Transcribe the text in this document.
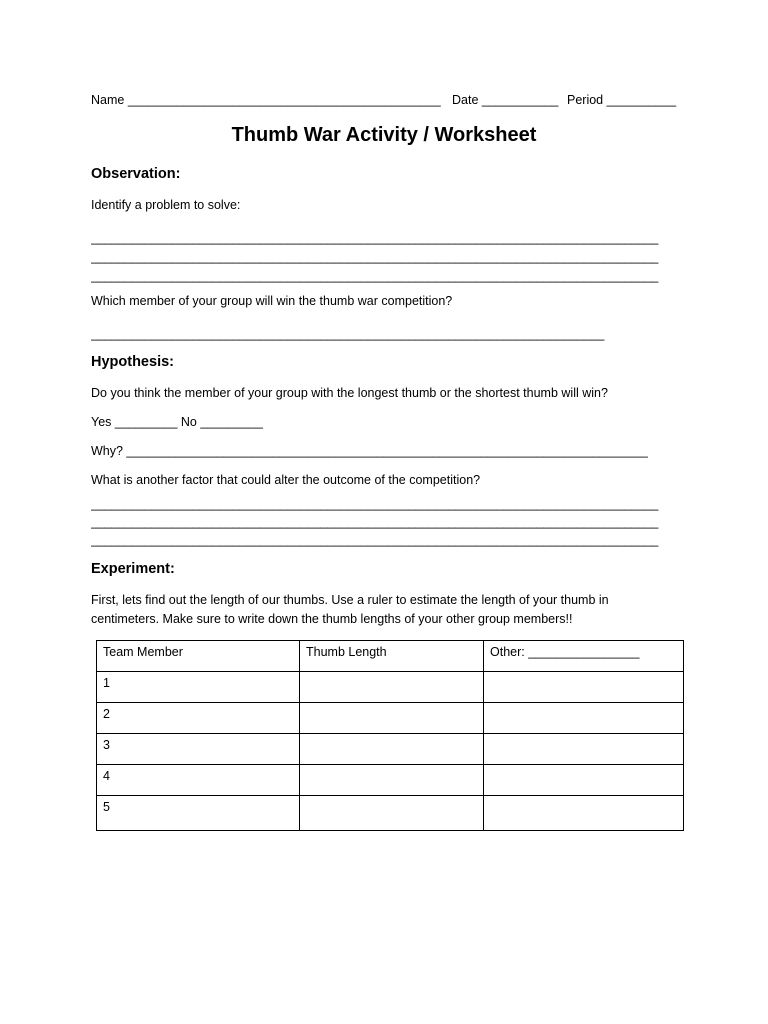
Name _____________________________________________ Date ___________ Period __________
Thumb War Activity / Worksheet
Observation:
Identify a problem to solve:
____________________________________________________________________________________
____________________________________________________________________________________
____________________________________________________________________________________
Which member of your group will win the thumb war competition?
____________________________________________________________________________
Hypothesis:
Do you think the member of your group with the longest thumb or the shortest thumb will win?
Yes _________ No _________
Why? ___________________________________________________________________________
What is another factor that could alter the outcome of the competition?
____________________________________________________________________________________
____________________________________________________________________________________
____________________________________________________________________________________
Experiment:
First, lets find out the length of our thumbs. Use a ruler to estimate the length of your thumb in
centimeters. Make sure to write down the thumb lengths of your other group members!!
Team Member	Thumb Length	Other: ________________
1		
2		
3		
4		
5		
